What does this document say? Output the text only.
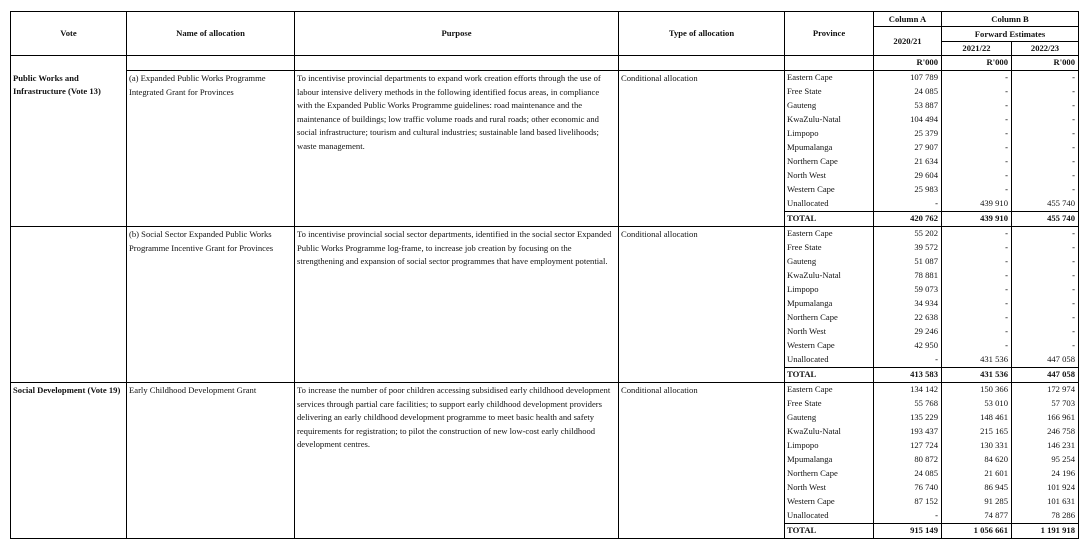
Vote	Name of allocation	Purpose	Type of allocation	Province	Column A	Column B	
					2020/21	Forward Estimates	
						2021/22	2022/23
					R'000	R'000	R'000
Public Works and Infrastructure (Vote 13)	(a) Expanded Public Works Programme Integrated Grant for Provinces	To incentivise provincial departments to expand work creation efforts through the use of labour intensive delivery methods in the following identified focus areas, in compliance with the Expanded Public Works Programme guidelines: road maintenance and the maintenance of buildings; low traffic volume roads and rural roads; other economic and social infrastructure; tourism and cultural industries; sustainable land based livelihoods; waste management.	Conditional allocation	Eastern Cape	107 789	-	-
				Free State	24 085	-	-
				Gauteng	53 887	-	-
				KwaZulu-Natal	104 494	-	-
				Limpopo	25 379	-	-
				Mpumalanga	27 907	-	-
				Northern Cape	21 634	-	-
				North West	29 604	-	-
				Western Cape	25 983	-	-
				Unallocated	-	439 910	455 740
				TOTAL	420 762	439 910	455 740
	(b) Social Sector Expanded Public Works Programme Incentive Grant for Provinces	To incentivise provincial social sector departments, identified in the social sector Expanded Public Works Programme log-frame, to increase job creation by focusing on the strengthening and expansion of social sector programmes that have employment potential.	Conditional allocation	Eastern Cape	55 202	-	-
				Free State	39 572	-	-
				Gauteng	51 087	-	-
				KwaZulu-Natal	78 881	-	-
				Limpopo	59 073	-	-
				Mpumalanga	34 934	-	-
				Northern Cape	22 638	-	-
				North West	29 246	-	-
				Western Cape	42 950	-	-
				Unallocated	-	431 536	447 058
				TOTAL	413 583	431 536	447 058
Social Development (Vote 19)	Early Childhood Development Grant	To increase the number of poor children accessing subsidised early childhood development services through partial care facilities; to support early childhood development providers delivering an early childhood development programme to meet basic health and safety requirements for registration; to pilot the construction of new low-cost early childhood development centres.	Conditional allocation	Eastern Cape	134 142	150 366	172 974
				Free State	55 768	53 010	57 703
				Gauteng	135 229	148 461	166 961
				KwaZulu-Natal	193 437	215 165	246 758
				Limpopo	127 724	130 331	146 231
				Mpumalanga	80 872	84 620	95 254
				Northern Cape	24 085	21 601	24 196
				North West	76 740	86 945	101 924
				Western Cape	87 152	91 285	101 631
				Unallocated	-	74 877	78 286
				TOTAL	915 149	1 056 661	1 191 918
